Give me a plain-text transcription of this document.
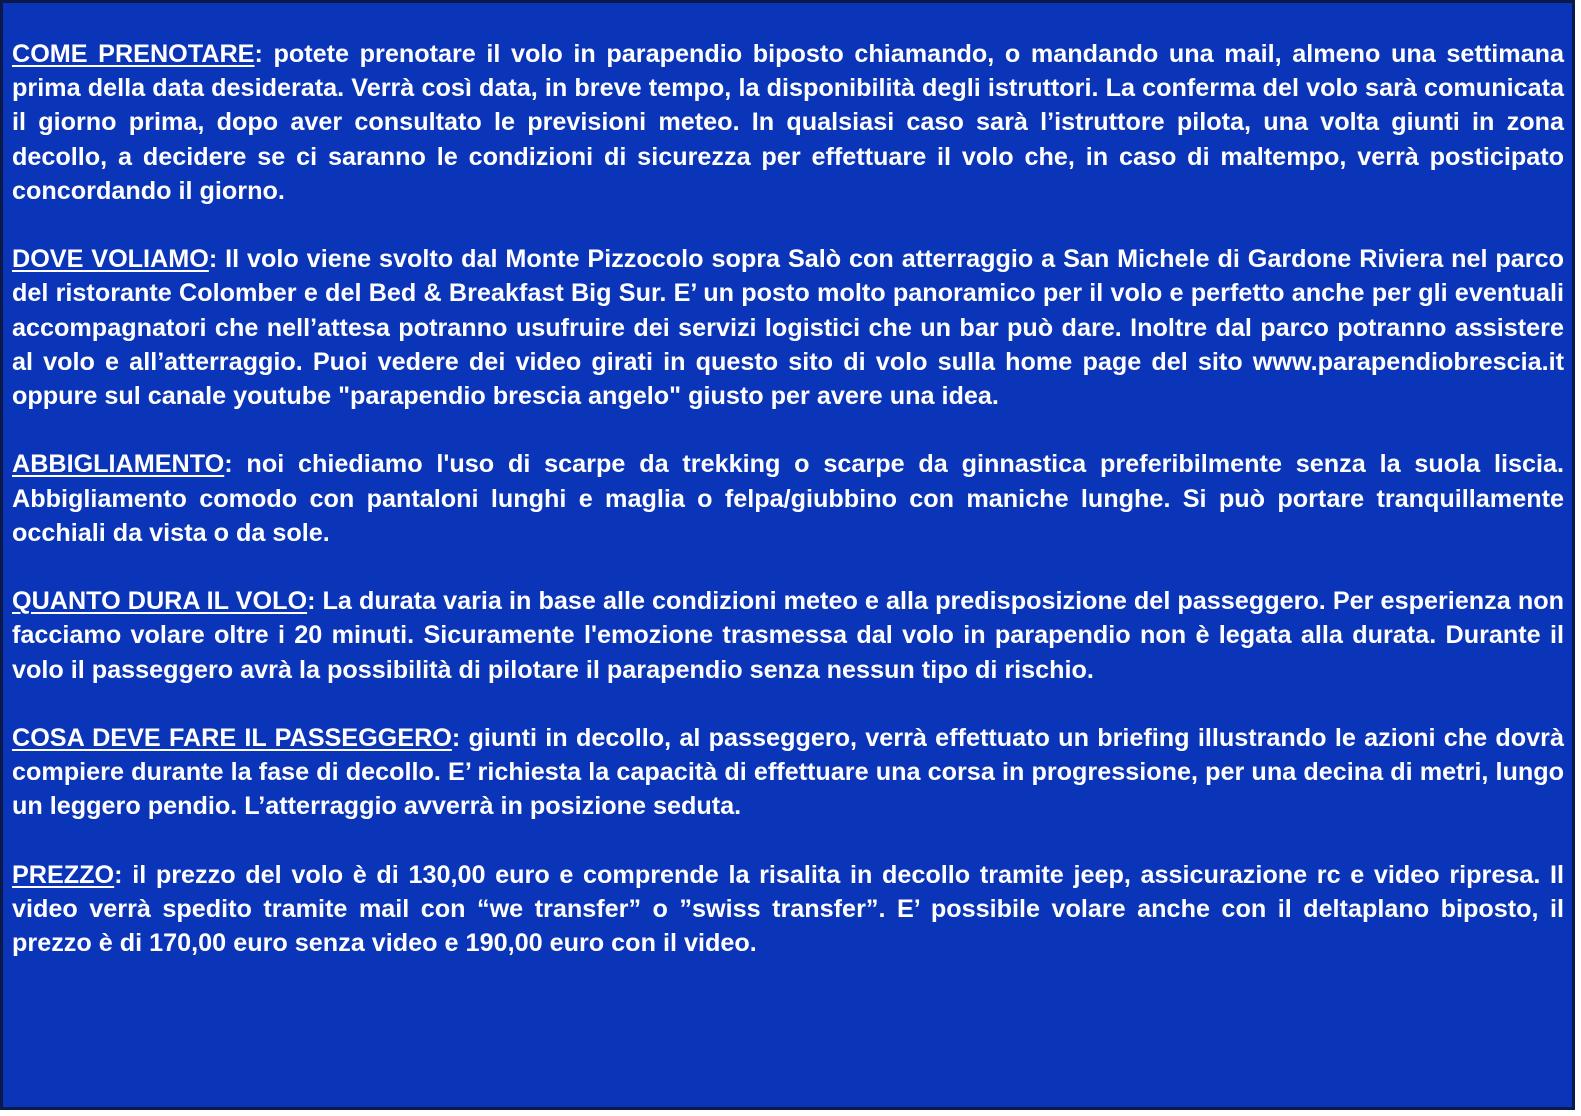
COME PRENOTARE: potete prenotare il volo in parapendio biposto chiamando, o mandando una mail, almeno una settimana prima della data desiderata. Verrà così data, in breve tempo, la disponibilità degli istruttori. La conferma del volo sarà comunicata il giorno prima, dopo aver consultato le previsioni meteo. In qualsiasi caso sarà l’istruttore pilota, una volta giunti in zona decollo, a decidere se ci saranno le condizioni di sicurezza per effettuare il volo che, in caso di maltempo, verrà posticipato concordando il giorno.

DOVE VOLIAMO: Il volo viene svolto dal Monte Pizzocolo sopra Salò con atterraggio a San Michele di Gardone Riviera nel parco del ristorante Colomber e del Bed & Breakfast Big Sur. E’ un posto molto panoramico per il volo e perfetto anche per gli eventuali accompagnatori che nell’attesa potranno usufruire dei servizi logistici che un bar può dare. Inoltre dal parco potranno assistere al volo e all’atterraggio. Puoi vedere dei video girati in questo sito di volo sulla home page del sito www.parapendiobrescia.it oppure sul canale youtube "parapendio brescia angelo" giusto per avere una idea.

ABBIGLIAMENTO: noi chiediamo l'uso di scarpe da trekking o scarpe da ginnastica preferibilmente senza la suola liscia. Abbigliamento comodo con pantaloni lunghi e maglia o felpa/giubbino con maniche lunghe. Si può portare tranquillamente occhiali da vista o da sole.

QUANTO DURA IL VOLO: La durata varia in base alle condizioni meteo e alla predisposizione del passeggero. Per esperienza non facciamo volare oltre i 20 minuti. Sicuramente l'emozione trasmessa dal volo in parapendio non è legata alla durata. Durante il volo il passeggero avrà la possibilità di pilotare il parapendio senza nessun tipo di rischio.

COSA DEVE FARE IL PASSEGGERO: giunti in decollo, al passeggero, verrà effettuato un briefing illustrando le azioni che dovrà compiere durante la fase di decollo. E’ richiesta la capacità di effettuare una corsa in progressione, per una decina di metri, lungo un leggero pendio. L’atterraggio avverrà in posizione seduta.

PREZZO: il prezzo del volo è di 130,00 euro e comprende la risalita in decollo tramite jeep, assicurazione rc e video ripresa. Il video verrà spedito tramite mail con “we transfer” o ”swiss transfer”. E’ possibile volare anche con il deltaplano biposto, il prezzo è di 170,00 euro senza video e 190,00 euro con il video.
